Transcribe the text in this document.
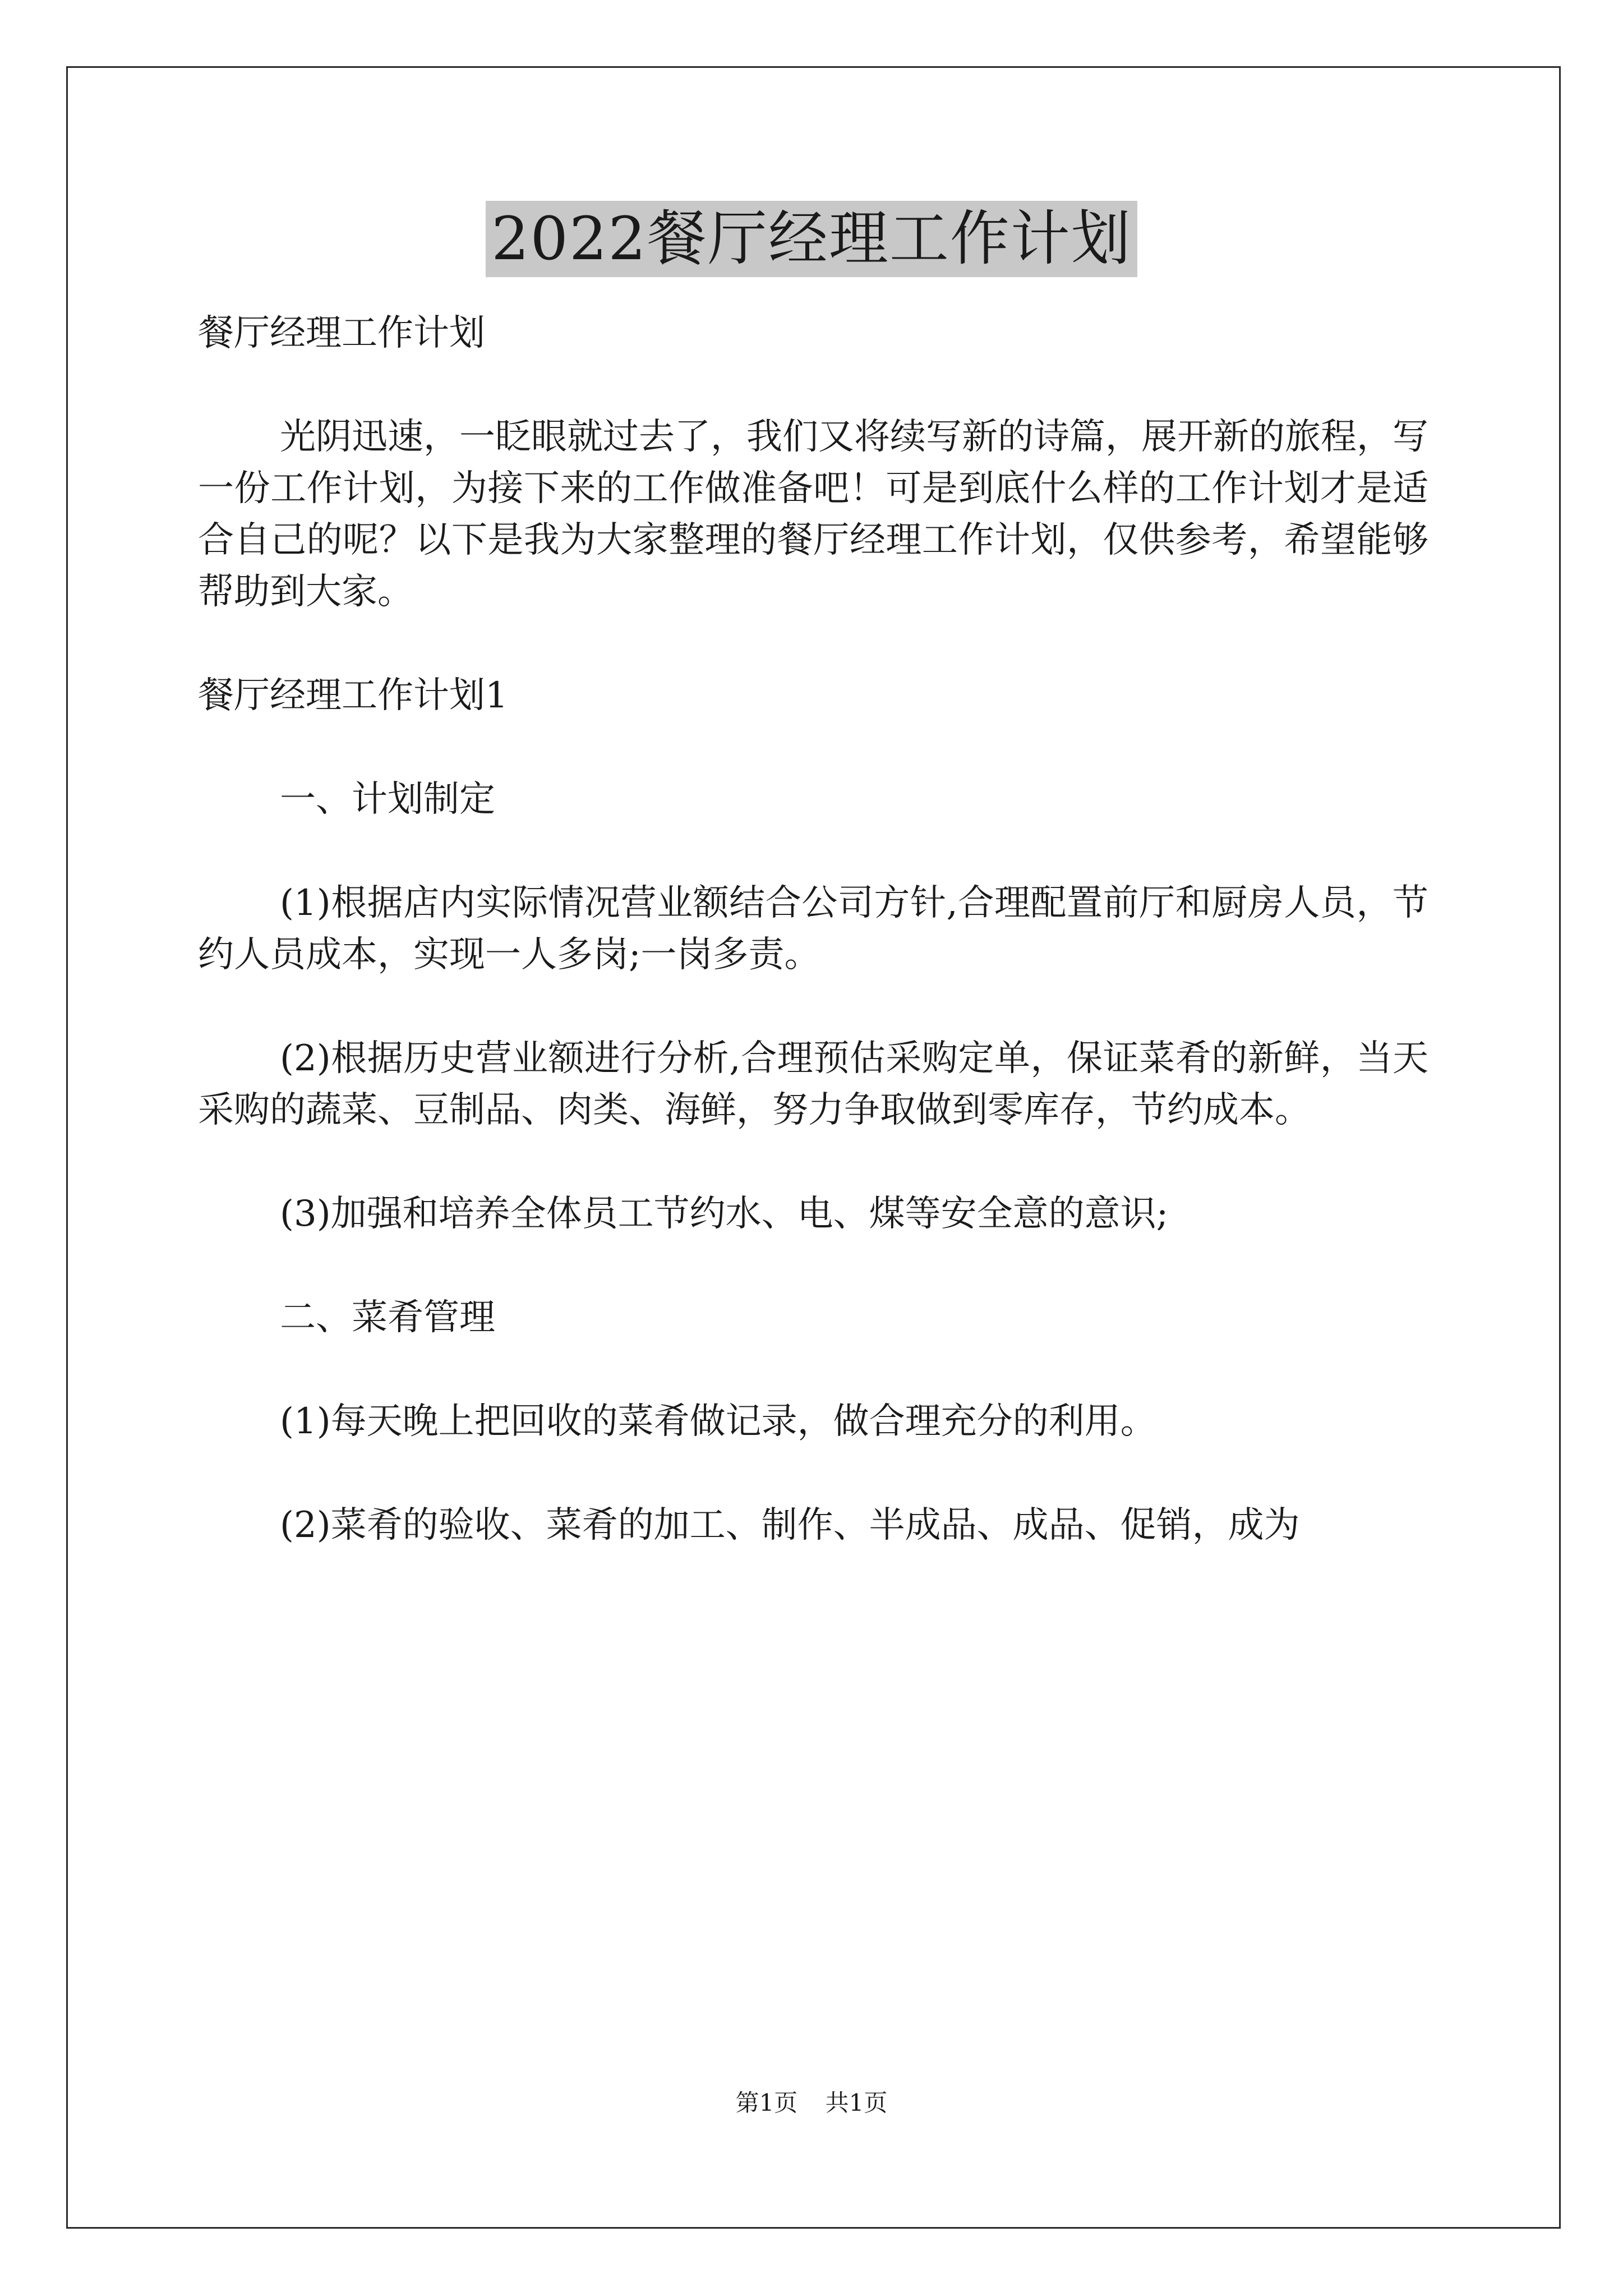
2022餐厅经理工作计划

餐厅经理工作计划

光阴迅速，一眨眼就过去了，我们又将续写新的诗篇，展开新的旅程，写一份工作计划，为接下来的工作做准备吧！可是到底什么样的工作计划才是适合自己的呢？以下是我为大家整理的餐厅经理工作计划，仅供参考，希望能够帮助到大家。

餐厅经理工作计划1

一、计划制定

(1)根据店内实际情况营业额结合公司方针,合理配置前厅和厨房人员，节约人员成本，实现一人多岗;一岗多责。

(2)根据历史营业额进行分析,合理预估采购定单，保证菜肴的新鲜，当天采购的蔬菜、豆制品、肉类、海鲜，努力争取做到零库存，节约成本。

(3)加强和培养全体员工节约水、电、煤等安全意的意识;

二、菜肴管理

(1)每天晚上把回收的菜肴做记录，做合理充分的利用。

(2)菜肴的验收、菜肴的加工、制作、半成品、成品、促销，成为

第1页 共1页
